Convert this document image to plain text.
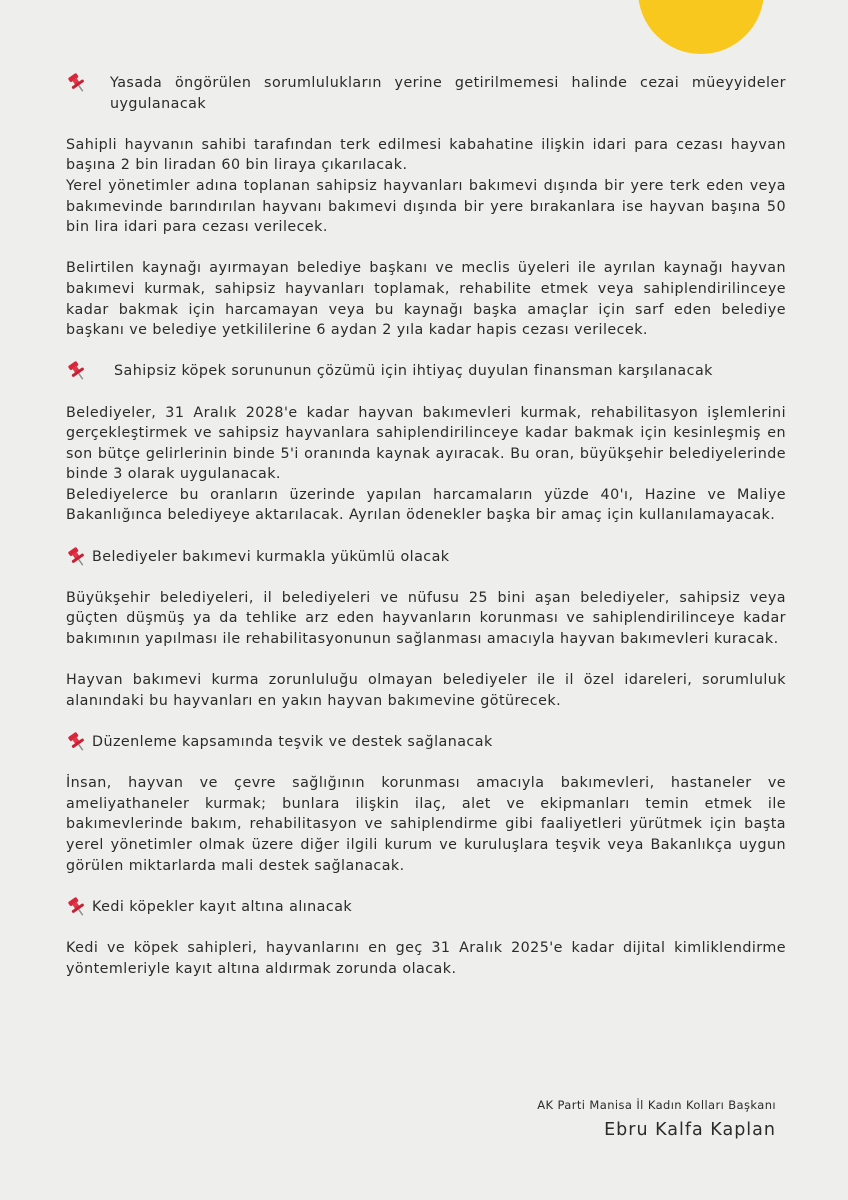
Yasada öngörülen sorumlulukların yerine getirilmemesi halinde cezai müeyyideler uygulanacak

Sahipli hayvanın sahibi tarafından terk edilmesi kabahatine ilişkin idari para cezası hayvan başına 2 bin liradan 60 bin liraya çıkarılacak.

Yerel yönetimler adına toplanan sahipsiz hayvanları bakımevi dışında bir yere terk eden veya bakımevinde barındırılan hayvanı bakımevi dışında bir yere bırakanlara ise hayvan başına 50 bin lira idari para cezası verilecek.

Belirtilen kaynağı ayırmayan belediye başkanı ve meclis üyeleri ile ayrılan kaynağı hayvan bakımevi kurmak, sahipsiz hayvanları toplamak, rehabilite etmek veya sahiplendirilinceye kadar bakmak için harcamayan veya bu kaynağı başka amaçlar için sarf eden belediye başkanı ve belediye yetkililerine 6 aydan 2 yıla kadar hapis cezası verilecek.

Sahipsiz köpek sorununun çözümü için ihtiyaç duyulan finansman karşılanacak

Belediyeler, 31 Aralık 2028'e kadar hayvan bakımevleri kurmak, rehabilitasyon işlemlerini gerçekleştirmek ve sahipsiz hayvanlara sahiplendirilinceye kadar bakmak için kesinleşmiş en son bütçe gelirlerinin binde 5'i oranında kaynak ayıracak. Bu oran, büyükşehir belediyelerinde binde 3 olarak uygulanacak.

Belediyelerce bu oranların üzerinde yapılan harcamaların yüzde 40'ı, Hazine ve Maliye Bakanlığınca belediyeye aktarılacak. Ayrılan ödenekler başka bir amaç için kullanılamayacak.

Belediyeler bakımevi kurmakla yükümlü olacak

Büyükşehir belediyeleri, il belediyeleri ve nüfusu 25 bini aşan belediyeler, sahipsiz veya güçten düşmüş ya da tehlike arz eden hayvanların korunması ve sahiplendirilinceye kadar bakımının yapılması ile rehabilitasyonunun sağlanması amacıyla hayvan bakımevleri kuracak.

Hayvan bakımevi kurma zorunluluğu olmayan belediyeler ile il özel idareleri, sorumluluk alanındaki bu hayvanları en yakın hayvan bakımevine götürecek.

Düzenleme kapsamında teşvik ve destek sağlanacak

İnsan, hayvan ve çevre sağlığının korunması amacıyla bakımevleri, hastaneler ve ameliyathaneler kurmak; bunlara ilişkin ilaç, alet ve ekipmanları temin etmek ile bakımevlerinde bakım, rehabilitasyon ve sahiplendirme gibi faaliyetleri yürütmek için başta yerel yönetimler olmak üzere diğer ilgili kurum ve kuruluşlara teşvik veya Bakanlıkça uygun görülen miktarlarda mali destek sağlanacak.

Kedi köpekler kayıt altına alınacak

Kedi ve köpek sahipleri, hayvanlarını en geç 31 Aralık 2025'e kadar dijital kimliklendirme yöntemleriyle kayıt altına aldırmak zorunda olacak.

AK Parti Manisa İl Kadın Kolları Başkanı
Ebru Kalfa Kaplan
